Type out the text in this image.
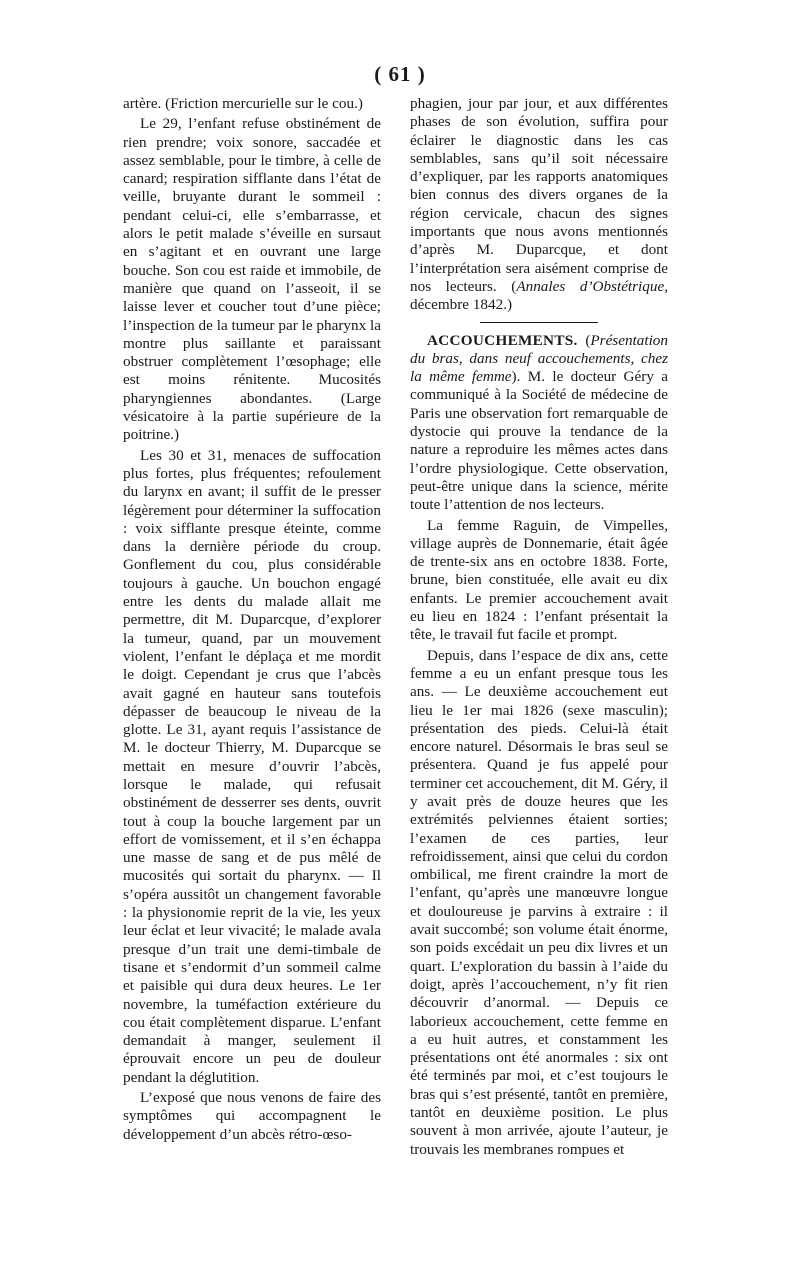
( 61 )

artère. (Friction mercurielle sur le cou.)

Le 29, l’enfant refuse obstinément de rien prendre; voix sonore, saccadée et assez semblable, pour le timbre, à celle de canard; respiration sifflante dans l’état de veille, bruyante durant le sommeil : pendant celui-ci, elle s’embarrasse, et alors le petit malade s’éveille en sursaut en s’agitant et en ouvrant une large bouche. Son cou est raide et immobile, de manière que quand on l’asseoit, il se laisse lever et coucher tout d’une pièce; l’inspection de la tumeur par le pharynx la montre plus saillante et paraissant obstruer complètement l’œsophage; elle est moins rénitente. Mucosités pharyngiennes abondantes. (Large vésicatoire à la partie supérieure de la poitrine.)

Les 30 et 31, menaces de suffocation plus fortes, plus fréquentes; refoulement du larynx en avant; il suffit de le presser légèrement pour déterminer la suffocation : voix sifflante presque éteinte, comme dans la dernière période du croup. Gonflement du cou, plus considérable toujours à gauche. Un bouchon engagé entre les dents du malade allait me permettre, dit M. Duparcque, d’explorer la tumeur, quand, par un mouvement violent, l’enfant le déplaça et me mordit le doigt. Cependant je crus que l’abcès avait gagné en hauteur sans toutefois dépasser de beaucoup le niveau de la glotte. Le 31, ayant requis l’assistance de M. le docteur Thierry, M. Duparcque se mettait en mesure d’ouvrir l’abcès, lorsque le malade, qui refusait obstinément de desserrer ses dents, ouvrit tout à coup la bouche largement par un effort de vomissement, et il s’en échappa une masse de sang et de pus mêlé de mucosités qui sortait du pharynx. — Il s’opéra aussitôt un changement favorable : la physionomie reprit de la vie, les yeux leur éclat et leur vivacité; le malade avala presque d’un trait une demi-timbale de tisane et s’endormit d’un sommeil calme et paisible qui dura deux heures. Le 1er novembre, la tuméfaction extérieure du cou était complètement disparue. L’enfant demandait à manger, seulement il éprouvait encore un peu de douleur pendant la déglutition.

L’exposé que nous venons de faire des symptômes qui accompagnent le développement d’un abcès rétro-œso-

phagien, jour par jour, et aux différentes phases de son évolution, suffira pour éclairer le diagnostic dans les cas semblables, sans qu’il soit nécessaire d’expliquer, par les rapports anatomiques bien connus des divers organes de la région cervicale, chacun des signes importants que nous avons mentionnés d’après M. Duparcque, et dont l’interprétation sera aisément comprise de nos lecteurs. (Annales d’Obstétrique, décembre 1842.)

ACCOUCHEMENTS. (Présentation du bras, dans neuf accouchements, chez la même femme). M. le docteur Géry a communiqué à la Société de médecine de Paris une observation fort remarquable de dystocie qui prouve la tendance de la nature a reproduire les mêmes actes dans l’ordre physiologique. Cette observation, peut-être unique dans la science, mérite toute l’attention de nos lecteurs.

La femme Raguin, de Vimpelles, village auprès de Donnemarie, était âgée de trente-six ans en octobre 1838. Forte, brune, bien constituée, elle avait eu dix enfants. Le premier accouchement avait eu lieu en 1824 : l’enfant présentait la tête, le travail fut facile et prompt.

Depuis, dans l’espace de dix ans, cette femme a eu un enfant presque tous les ans. — Le deuxième accouchement eut lieu le 1er mai 1826 (sexe masculin); présentation des pieds. Celui-là était encore naturel. Désormais le bras seul se présentera. Quand je fus appelé pour terminer cet accouchement, dit M. Géry, il y avait près de douze heures que les extrémités pelviennes étaient sorties; l’examen de ces parties, leur refroidissement, ainsi que celui du cordon ombilical, me firent craindre la mort de l’enfant, qu’après une manœuvre longue et douloureuse je parvins à extraire : il avait succombé; son volume était énorme, son poids excédait un peu dix livres et un quart. L’exploration du bassin à l’aide du doigt, après l’accouchement, n’y fit rien découvrir d’anormal. — Depuis ce laborieux accouchement, cette femme en a eu huit autres, et constamment les présentations ont été anormales : six ont été terminés par moi, et c’est toujours le bras qui s’est présenté, tantôt en première, tantôt en deuxième position. Le plus souvent à mon arrivée, ajoute l’auteur, je trouvais les membranes rompues et
